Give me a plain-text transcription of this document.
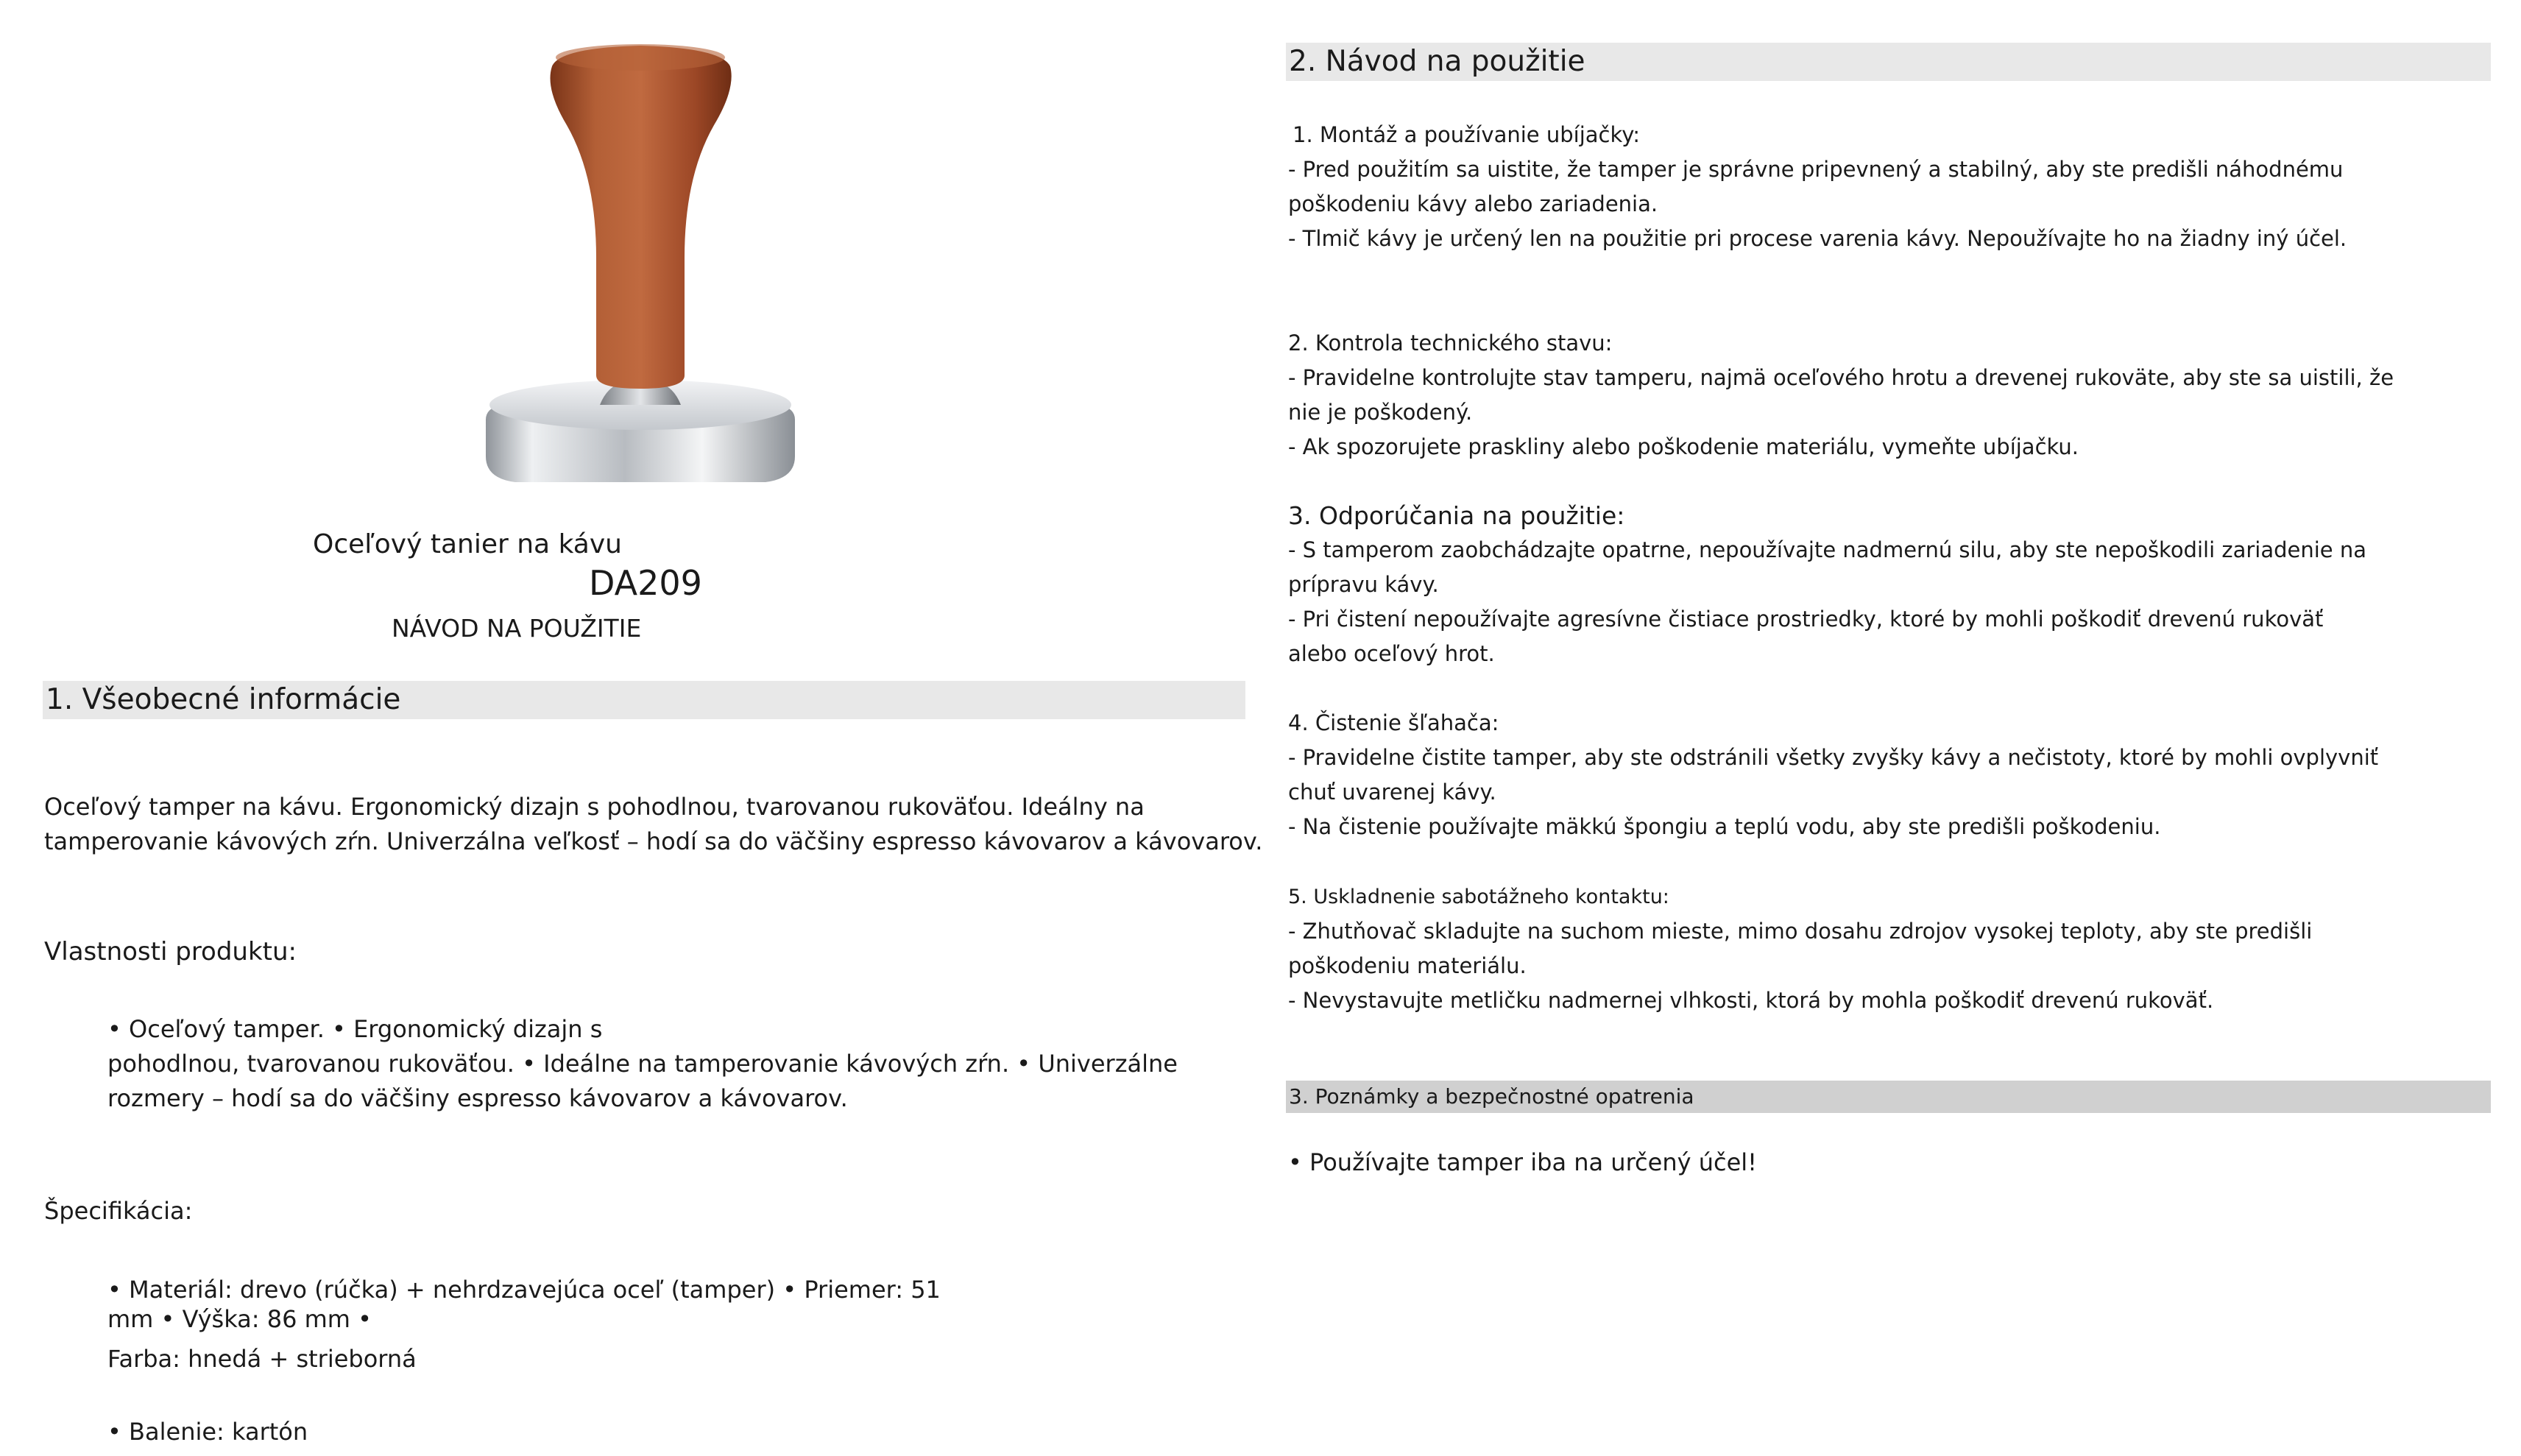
Oceľový tanier na kávu
DA209
NÁVOD NA POUŽITIE
1. Všeobecné informácie
Oceľový tamper na kávu. Ergonomický dizajn s pohodlnou, tvarovanou rukoväťou. Ideálny na
tamperovanie kávových zŕn. Univerzálna veľkosť – hodí sa do väčšiny espresso kávovarov a kávovarov.
Vlastnosti produktu:
• Oceľový tamper. • Ergonomický dizajn s
pohodlnou, tvarovanou rukoväťou. • Ideálne na tamperovanie kávových zŕn. • Univerzálne
rozmery – hodí sa do väčšiny espresso kávovarov a kávovarov.
Špecifikácia:
• Materiál: drevo (rúčka) + nehrdzavejúca oceľ (tamper) • Priemer: 51
mm • Výška: 86 mm •
Farba: hnedá + strieborná
• Balenie: kartón
2. Návod na použitie
1. Montáž a používanie ubíjačky:
- Pred použitím sa uistite, že tamper je správne pripevnený a stabilný, aby ste predišli náhodnému
poškodeniu kávy alebo zariadenia.
- Tlmič kávy je určený len na použitie pri procese varenia kávy. Nepoužívajte ho na žiadny iný účel.
2. Kontrola technického stavu:
- Pravidelne kontrolujte stav tamperu, najmä oceľového hrotu a drevenej rukoväte, aby ste sa uistili, že
nie je poškodený.
- Ak spozorujete praskliny alebo poškodenie materiálu, vymeňte ubíjačku.
3. Odporúčania na použitie:
- S tamperom zaobchádzajte opatrne, nepoužívajte nadmernú silu, aby ste nepoškodili zariadenie na
prípravu kávy.
- Pri čistení nepoužívajte agresívne čistiace prostriedky, ktoré by mohli poškodiť drevenú rukoväť
alebo oceľový hrot.
4. Čistenie šľahača:
- Pravidelne čistite tamper, aby ste odstránili všetky zvyšky kávy a nečistoty, ktoré by mohli ovplyvniť
chuť uvarenej kávy.
- Na čistenie používajte mäkkú špongiu a teplú vodu, aby ste predišli poškodeniu.
5. Uskladnenie sabotážneho kontaktu:
- Zhutňovač skladujte na suchom mieste, mimo dosahu zdrojov vysokej teploty, aby ste predišli
poškodeniu materiálu.
- Nevystavujte metličku nadmernej vlhkosti, ktorá by mohla poškodiť drevenú rukoväť.
3. Poznámky a bezpečnostné opatrenia
• Používajte tamper iba na určený účel!
